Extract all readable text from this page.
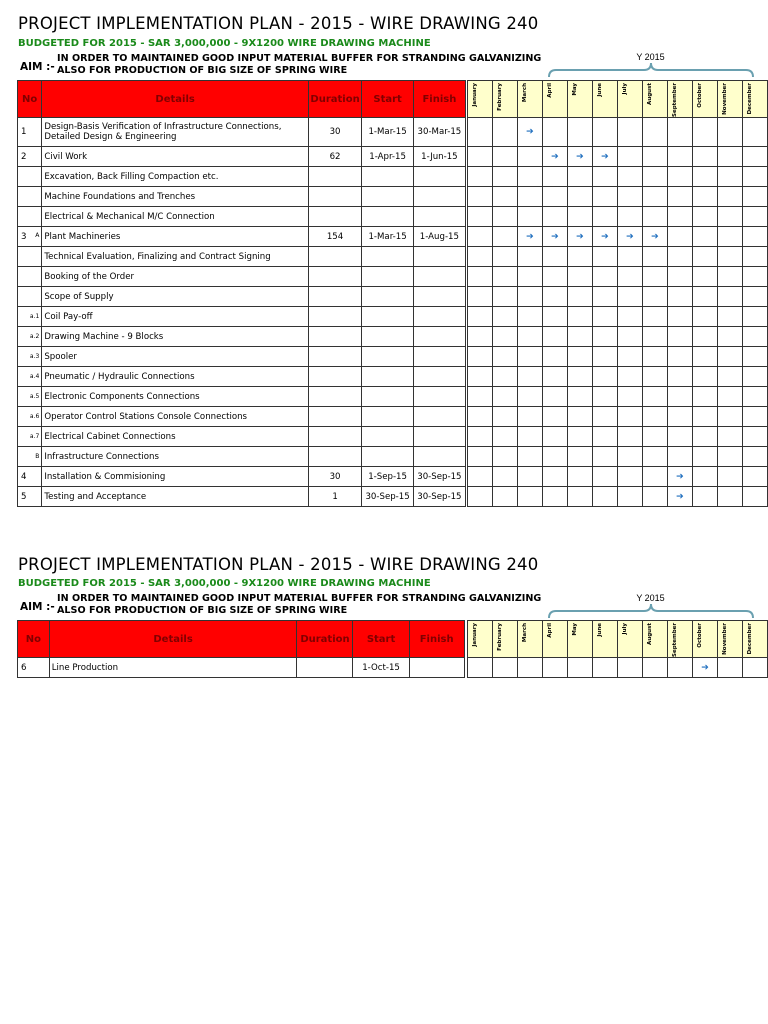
PROJECT IMPLEMENTATION PLAN - 2015 - WIRE DRAWING 240
BUDGETED FOR 2015 - SAR 3,000,000 - 9X1200 WIRE DRAWING MACHINE
AIM :-
IN ORDER TO MAINTAINED GOOD INPUT MATERIAL BUFFER FOR STRANDING GALVANIZING
ALSO FOR PRODUCTION OF BIG SIZE OF SPRING WIRE
Y 2015
No	Details	Duration	Start	Finish		January	February	March	April	May	June	July	August	September	October	November	December

1	Design-Basis Verification of Infrastructure Connections,
Detailed Design & Engineering	30	1-Mar-15	30-Mar-15				➔									

2	Civil Work	62	1-Apr-15	1-Jun-15					➔	➔	➔						

	Excavation, Back Filling Compaction etc.																

	Machine Foundations and Trenches																

	Electrical & Mechanical M/C Connection																

3 A	Plant Machineries	154	1-Mar-15	1-Aug-15				➔	➔	➔	➔	➔	➔				

	Technical Evaluation, Finalizing and Contract Signing																

	Booking of the Order																

	Scope of Supply																

a.1	Coil Pay-off																

a.2	Drawing Machine - 9 Blocks																

a.3	Spooler																

a.4	Pneumatic / Hydraulic Connections																

a.5	Electronic Components Connections																

a.6	Operator Control Stations Console Connections																

a.7	Electrical Cabinet Connections																

B	Infrastructure Connections																

4	Installation & Commisioning	30	1-Sep-15	30-Sep-15										➔			

5	Testing and Acceptance	1	30-Sep-15	30-Sep-15										➔			

PROJECT IMPLEMENTATION PLAN - 2015 - WIRE DRAWING 240
BUDGETED FOR 2015 - SAR 3,000,000 - 9X1200 WIRE DRAWING MACHINE
AIM :-
IN ORDER TO MAINTAINED GOOD INPUT MATERIAL BUFFER FOR STRANDING GALVANIZING
ALSO FOR PRODUCTION OF BIG SIZE OF SPRING WIRE
Y 2015
No	Details	Duration	Start	Finish		January	February	March	April	May	June	July	August	September	October	November	December

6	Line Production		1-Oct-15												➔		
